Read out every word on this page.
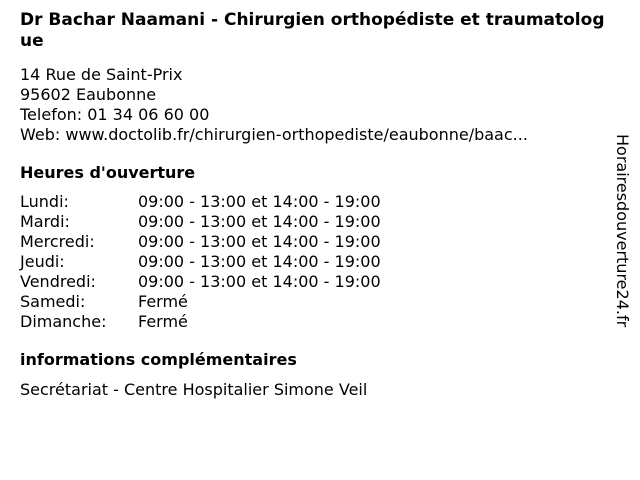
Dr Bachar Naamani - Chirurgien orthopédiste et traumatologue
14 Rue de Saint-Prix
95602 Eaubonne
Telefon: 01 34 06 60 00
Web: www.doctolib.fr/chirurgien-orthopediste/eaubonne/baac...
Heures d'ouverture
Lundi:	09:00 - 13:00 et 14:00 - 19:00
Mardi:	09:00 - 13:00 et 14:00 - 19:00
Mercredi:	09:00 - 13:00 et 14:00 - 19:00
Jeudi:	09:00 - 13:00 et 14:00 - 19:00
Vendredi:	09:00 - 13:00 et 14:00 - 19:00
Samedi:	Fermé
Dimanche:	Fermé
informations complémentaires
Secrétariat - Centre Hospitalier Simone Veil
Horairesdouverture24.fr
